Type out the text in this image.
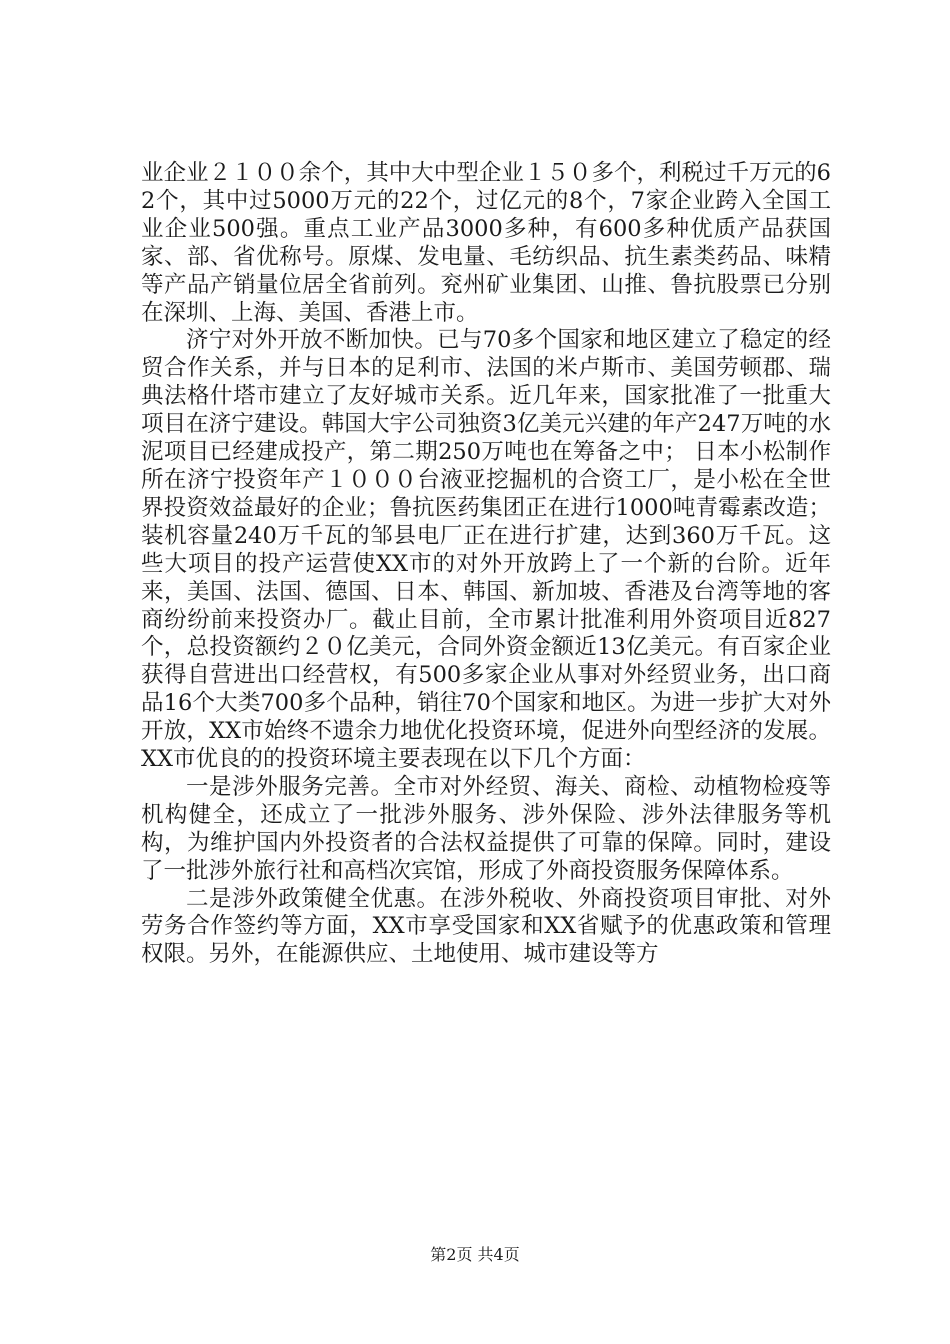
业企业２１００余个，其中大中型企业１５０多个，利税过千万元的62个，其中过5000万元的22个，过亿元的8个，7家企业跨入全国工业企业500强。重点工业产品3000多种，有600多种优质产品获国家、部、省优称号。原煤、发电量、毛纺织品、抗生素类药品、味精等产品产销量位居全省前列。兖州矿业集团、山推、鲁抗股票已分别在深圳、上海、美国、香港上市。

济宁对外开放不断加快。已与70多个国家和地区建立了稳定的经贸合作关系，并与日本的足利市、法国的米卢斯市、美国劳顿郡、瑞典法格什塔市建立了友好城市关系。近几年来，国家批准了一批重大项目在济宁建设。韩国大宇公司独资3亿美元兴建的年产247万吨的水泥项目已经建成投产，第二期250万吨也在筹备之中； 日本小松制作所在济宁投资年产１０００台液亚挖掘机的合资工厂，是小松在全世界投资效益最好的企业；鲁抗医药集团正在进行1000吨青霉素改造； 装机容量240万千瓦的邹县电厂正在进行扩建，达到360万千瓦。这些大项目的投产运营使XX市的对外开放跨上了一个新的台阶。近年来，美国、法国、德国、日本、韩国、新加坡、香港及台湾等地的客商纷纷前来投资办厂。截止目前，全市累计批准利用外资项目近827个，总投资额约２０亿美元，合同外资金额近13亿美元。有百家企业获得自营进出口经营权，有500多家企业从事对外经贸业务，出口商品16个大类700多个品种，销往70个国家和地区。为进一步扩大对外开放，XX市始终不遗余力地优化投资环境，促进外向型经济的发展。XX市优良的的投资环境主要表现在以下几个方面：

一是涉外服务完善。全市对外经贸、海关、商检、动植物检疫等机构健全，还成立了一批涉外服务、涉外保险、涉外法律服务等机构，为维护国内外投资者的合法权益提供了可靠的保障。同时，建设了一批涉外旅行社和高档次宾馆，形成了外商投资服务保障体系。

二是涉外政策健全优惠。在涉外税收、外商投资项目审批、对外劳务合作签约等方面，XX市享受国家和XX省赋予的优惠政策和管理权限。另外，在能源供应、土地使用、城市建设等方

第2页 共4页
